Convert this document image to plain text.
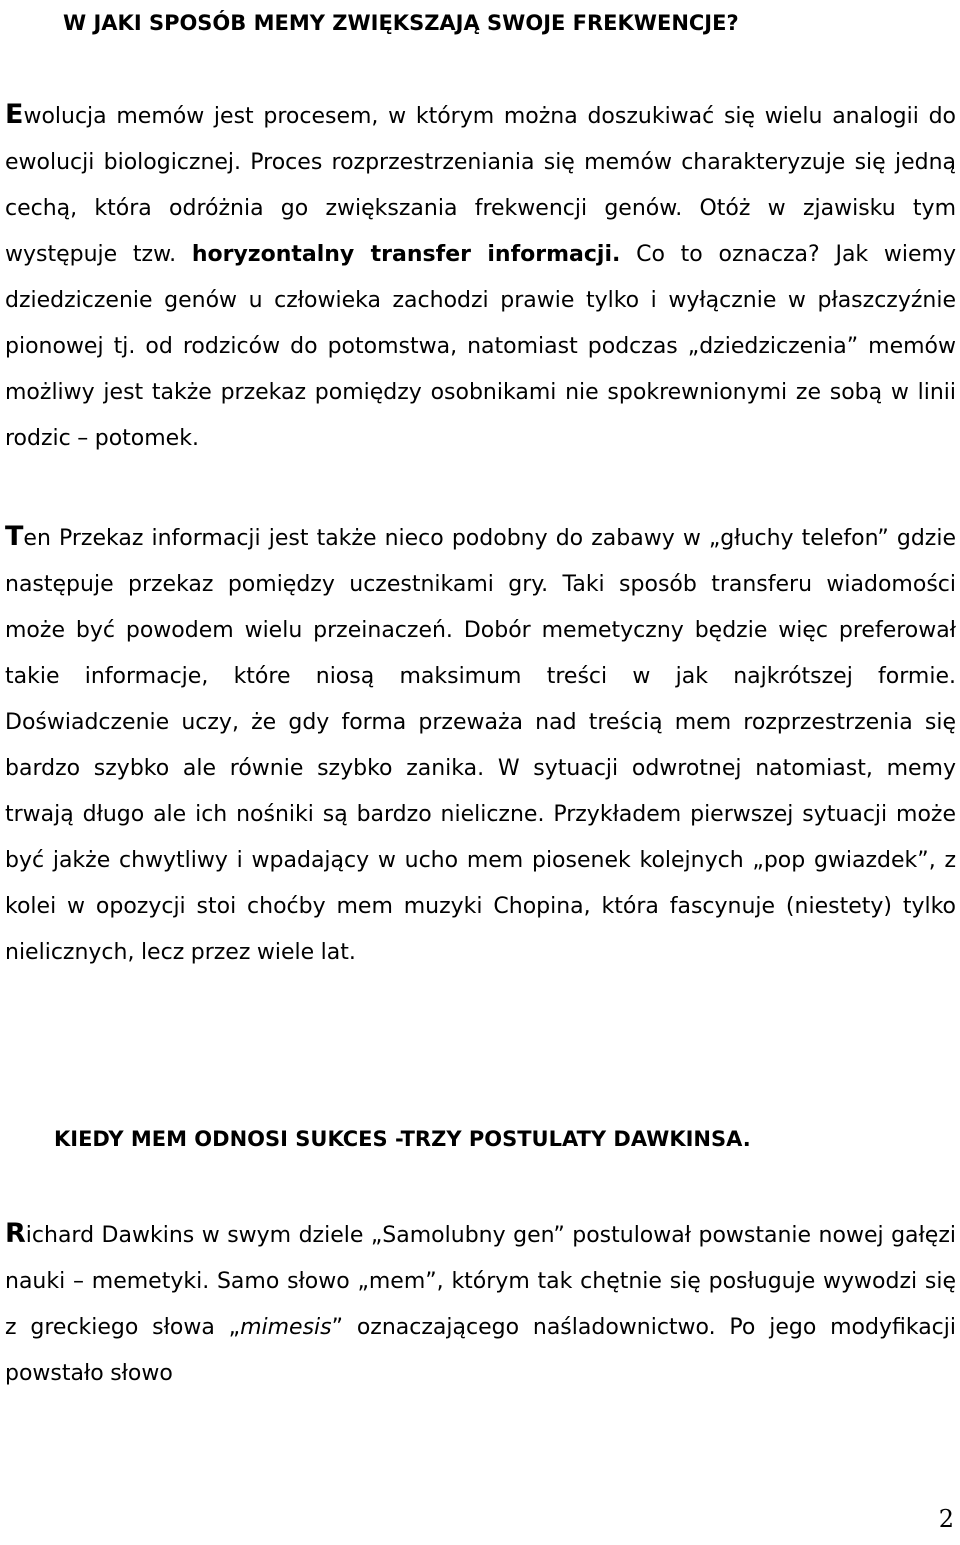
W JAKI SPOSÓB MEMY ZWIĘKSZAJĄ SWOJE FREKWENCJE?

Ewolucja memów jest procesem, w którym można doszukiwać się wielu analogii do ewolucji biologicznej. Proces rozprzestrzeniania się memów charakteryzuje się jedną cechą, która odróżnia go zwiększania frekwencji genów. Otóż w zjawisku tym występuje tzw. horyzontalny transfer informacji. Co to oznacza? Jak wiemy dziedziczenie genów u człowieka zachodzi prawie tylko i wyłącznie w płaszczyźnie pionowej tj. od rodziców do potomstwa, natomiast podczas „dziedziczenia” memów możliwy jest także przekaz pomiędzy osobnikami nie spokrewnionymi ze sobą w linii rodzic – potomek.

Ten Przekaz informacji jest także nieco podobny do zabawy w „głuchy telefon” gdzie następuje przekaz pomiędzy uczestnikami gry. Taki sposób transferu wiadomości może być powodem wielu przeinaczeń. Dobór memetyczny będzie więc preferował takie informacje, które niosą maksimum treści w jak najkrótszej formie. Doświadczenie uczy, że gdy forma przeważa nad treścią mem rozprzestrzenia się bardzo szybko ale równie szybko zanika. W sytuacji odwrotnej natomiast, memy trwają długo ale ich nośniki są bardzo nieliczne. Przykładem pierwszej sytuacji może być jakże chwytliwy i wpadający w ucho mem piosenek kolejnych „pop gwiazdek”, z kolei w opozycji stoi choćby mem muzyki Chopina, która fascynuje (niestety) tylko nielicznych, lecz przez wiele lat.

KIEDY MEM ODNOSI SUKCES -TRZY POSTULATY DAWKINSA.

Richard Dawkins w swym dziele „Samolubny gen” postulował powstanie nowej gałęzi nauki – memetyki. Samo słowo „mem”, którym tak chętnie się posługuje wywodzi się z greckiego słowa „mimesis” oznaczającego naśladownictwo. Po jego modyfikacji powstało słowo

2
